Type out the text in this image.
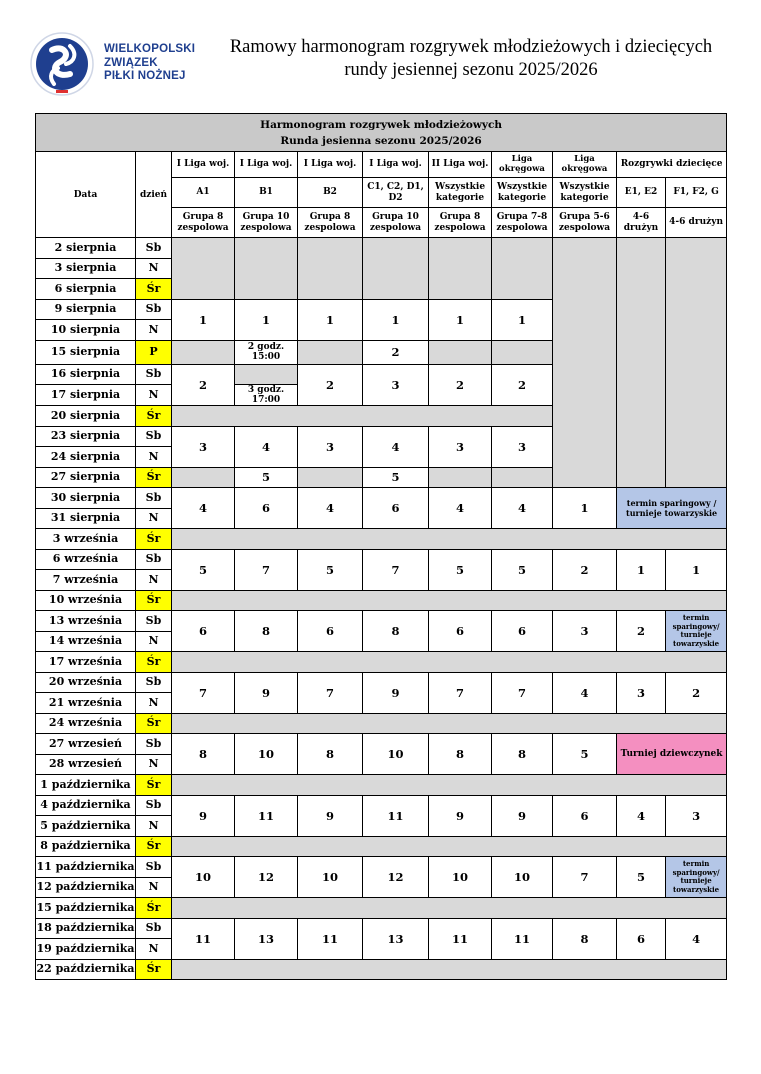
WIELKOPOLSKI
ZWIĄZEK
PIŁKI NOŻNEJ
Ramowy harmonogram rozgrywek młodzieżowych i dziecięcych
rundy jesiennej sezonu 2025/2026
Harmonogram rozgrywek młodzieżowych
Runda jesienna sezonu 2025/2026										

Data	dzień	I Liga woj.	I Liga woj.	I Liga woj.	I Liga woj.	II Liga woj.	Liga okręgowa	Liga okręgowa	Rozgrywki dziecięce	
		A1	B1	B2	C1, C2, D1, D2	Wszystkie kategorie	Wszystkie kategorie	Wszystkie kategorie	E1, E2	F1, F2, G
		Grupa 8 zespolowa	Grupa 10 zespolowa	Grupa 8 zespolowa	Grupa 10 zespolowa	Grupa 8 zespolowa	Grupa 7-8 zespolowa	Grupa 5-6 zespolowa	4-6 drużyn	4-6 drużyn
2 sierpnia	Sb									
3 sierpnia	N									
6 sierpnia	Śr									
9 sierpnia	Sb	1	1	1	1	1	1			
10 sierpnia	N									
15 sierpnia	P		2 godz. 15:00		2					
16 sierpnia	Sb	2		2	3	2	2			
17 sierpnia	N		3 godz. 17:00							
20 sierpnia	Śr									
23 sierpnia	Sb	3	4	3	4	3	3			
24 sierpnia	N									
27 sierpnia	Śr		5		5					
30 sierpnia	Sb	4	6	4	6	4	4	1	termin sparingowy / turnieje towarzyskie	
31 sierpnia	N									
3 września	Śr									
6 września	Sb	5	7	5	7	5	5	2	1	1
7 września	N									
10 września	Śr									
13 września	Sb	6	8	6	8	6	6	3	2	termin sparingowy/ turnieje towarzyskie
14 września	N									
17 września	Śr									
20 września	Sb	7	9	7	9	7	7	4	3	2
21 września	N									
24 września	Śr									
27 wrzesień	Sb	8	10	8	10	8	8	5	Turniej dziewczynek	
28 wrzesień	N									
1 października	Śr									
4 października	Sb	9	11	9	11	9	9	6	4	3
5 października	N									
8 października	Śr									
11 października	Sb	10	12	10	12	10	10	7	5	termin sparingowy/ turnieje towarzyskie
12 października	N									
15 października	Śr									
18 października	Sb	11	13	11	13	11	11	8	6	4
19 października	N									
22 października	Śr									
